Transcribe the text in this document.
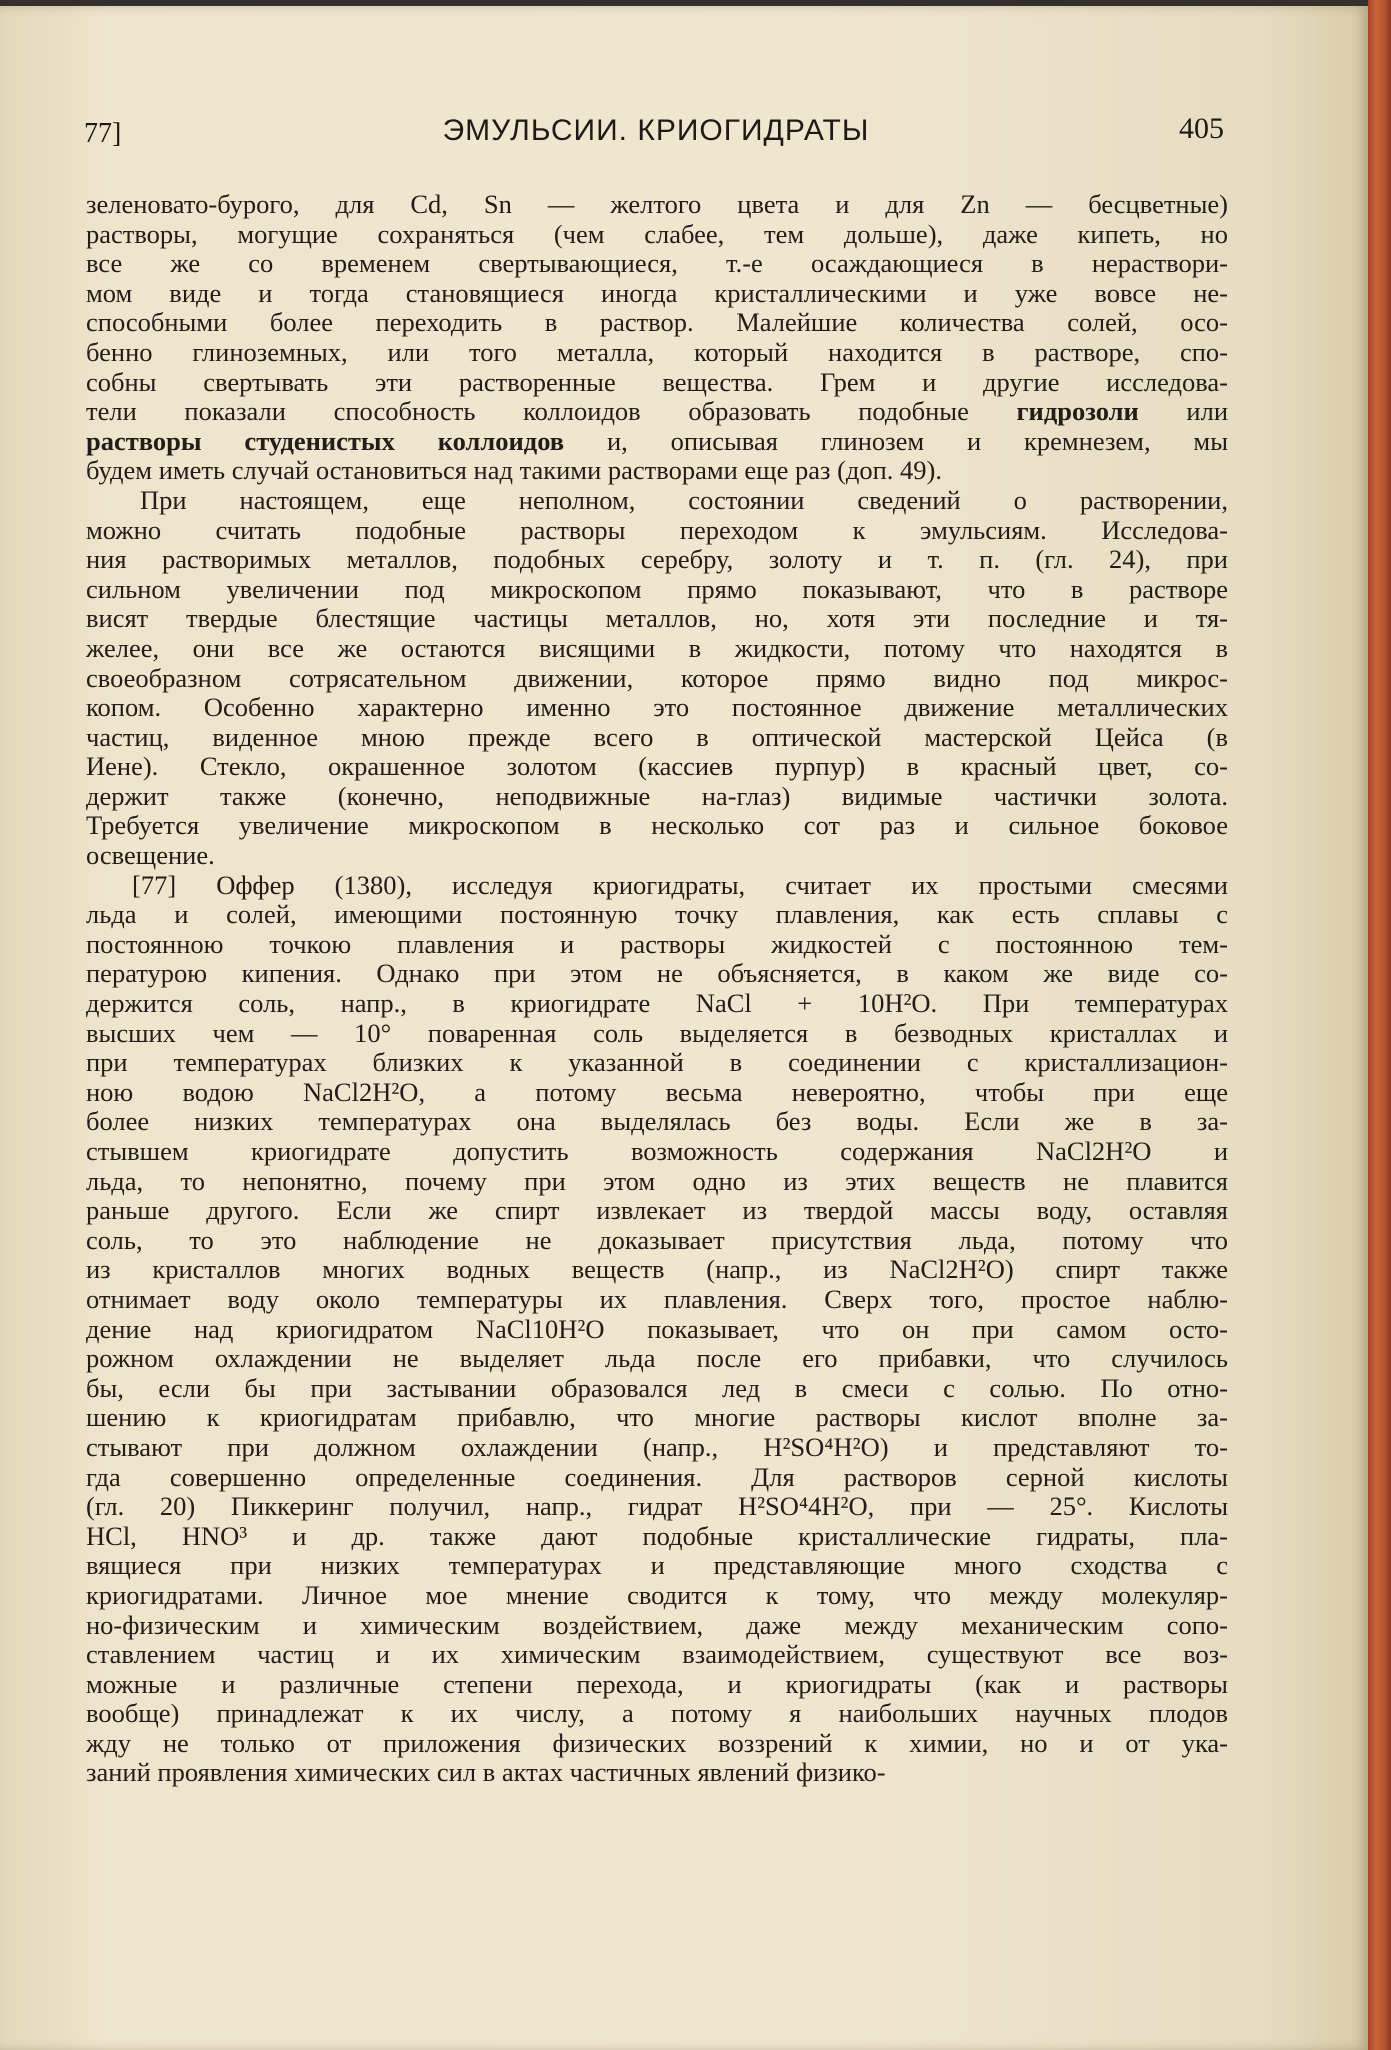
77]	ЭМУЛЬСИИ. КРИОГИДРАТЫ	405
зеленовато-бурого, для Cd, Sn — желтого цвета и для Zn — бесцветные)
растворы, могущие сохраняться (чем слабее, тем дольше), даже кипеть, но
все же со временем свертывающиеся, т.-е осаждающиеся в нераствори-
мом виде и тогда становящиеся иногда кристаллическими и уже вовсе не-
способными более переходить в раствор. Малейшие количества солей, осо-
бенно глиноземных, или того металла, который находится в растворе, спо-
собны свертывать эти растворенные вещества. Грем и другие исследова-
тели показали способность коллоидов образовать подобные гидрозоли или
растворы студенистых коллоидов и, описывая глинозем и кремнезем, мы
будем иметь случай остановиться над такими растворами еще раз (доп. 49).
При настоящем, еще неполном, состоянии сведений о растворении,
можно считать подобные растворы переходом к эмульсиям. Исследова-
ния растворимых металлов, подобных серебру, золоту и т. п. (гл. 24), при
сильном увеличении под микроскопом прямо показывают, что в растворе
висят твердые блестящие частицы металлов, но, хотя эти последние и тя-
желее, они все же остаются висящими в жидкости, потому что находятся в
своеобразном сотрясательном движении, которое прямо видно под микрос-
копом. Особенно характерно именно это постоянное движение металлических
частиц, виденное мною прежде всего в оптической мастерской Цейса (в
Иене). Стекло, окрашенное золотом (кассиев пурпур) в красный цвет, со-
держит также (конечно, неподвижные на-глаз) видимые частички золота.
Требуется увеличение микроскопом в несколько сот раз и сильное боковое
освещение.
[77] Оффер (1380), исследуя криогидраты, считает их простыми смесями
льда и солей, имеющими постоянную точку плавления, как есть сплавы с
постоянною точкою плавления и растворы жидкостей с постоянною тем-
пературою кипения. Однако при этом не объясняется, в каком же виде со-
держится соль, напр., в криогидрате NaCl + 10H²O. При температурах
высших чем — 10° поваренная соль выделяется в безводных кристаллах и
при температурах близких к указанной в соединении с кристаллизацион-
ною водою NaCl2H²O, а потому весьма невероятно, чтобы при еще
более низких температурах она выделялась без воды. Если же в за-
стывшем криогидрате допустить возможность содержания NaCl2H²O и
льда, то непонятно, почему при этом одно из этих веществ не плавится
раньше другого. Если же спирт извлекает из твердой массы воду, оставляя
соль, то это наблюдение не доказывает присутствия льда, потому что
из кристаллов многих водных веществ (напр., из NaCl2H²O) спирт также
отнимает воду около температуры их плавления. Сверх того, простое наблю-
дение над криогидратом NaCl10H²O показывает, что он при самом осто-
рожном охлаждении не выделяет льда после его прибавки, что случилось
бы, если бы при застывании образовался лед в смеси с солью. По отно-
шению к криогидратам прибавлю, что многие растворы кислот вполне за-
стывают при должном охлаждении (напр., H²SO⁴H²O) и представляют то-
гда совершенно определенные соединения. Для растворов серной кислоты
(гл. 20) Пиккеринг получил, напр., гидрат H²SO⁴4H²O, при — 25°. Кислоты
HCl, HNO³ и др. также дают подобные кристаллические гидраты, пла-
вящиеся при низких температурах и представляющие много сходства с
криогидратами. Личное мое мнение сводится к тому, что между молекуляр-
но-физическим и химическим воздействием, даже между механическим сопо-
ставлением частиц и их химическим взаимодействием, существуют все воз-
можные и различные степени перехода, и криогидраты (как и растворы
вообще) принадлежат к их числу, а потому я наибольших научных плодов
жду не только от приложения физических воззрений к химии, но и от ука-
заний проявления химических сил в актах частичных явлений физико-
